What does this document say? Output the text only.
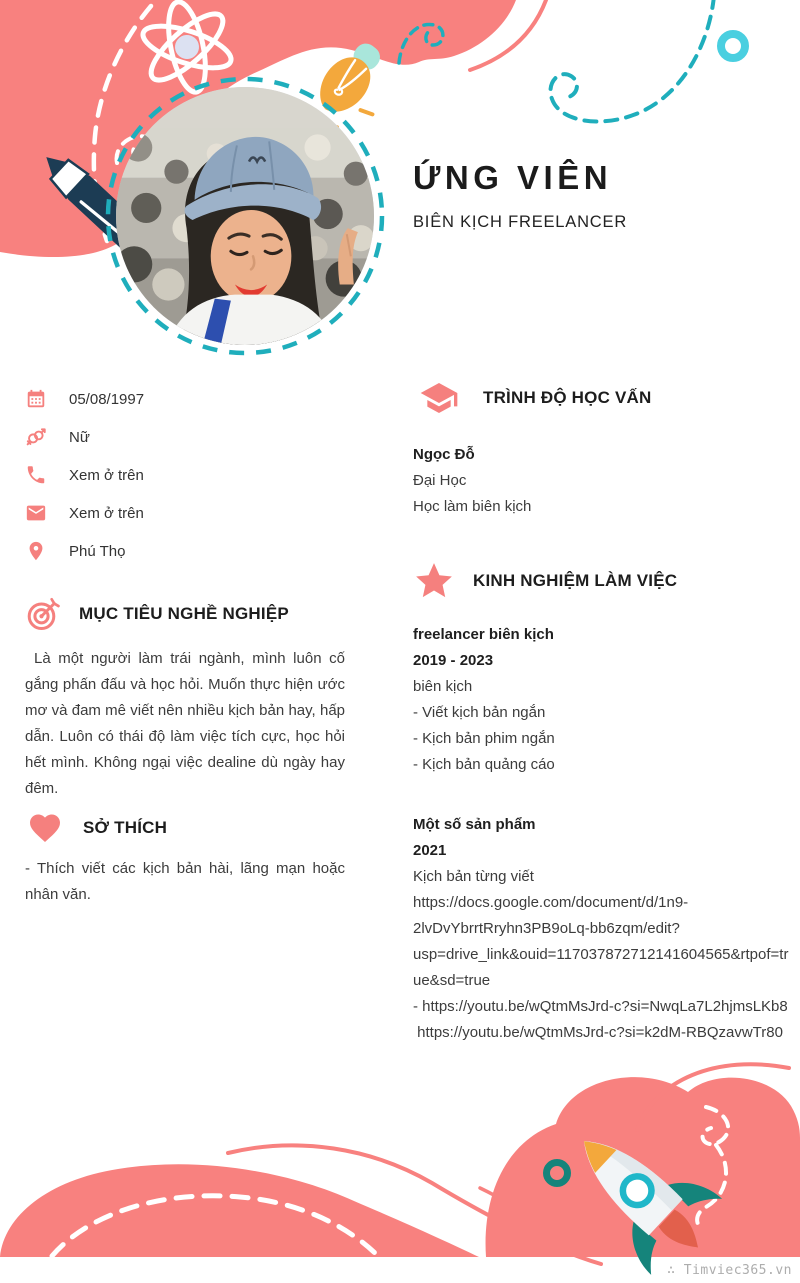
ỨNG VIÊN
BIÊN KỊCH FREELANCER
05/08/1997
Nữ
Xem ở trên
Xem ở trên
Phú Thọ
MỤC TIÊU NGHỀ NGHIỆP
Là một người làm trái ngành, mình luôn cố gắng phấn đấu và học hỏi. Muốn thực hiện ước mơ và đam mê viết nên nhiều kịch bản hay, hấp dẫn. Luôn có thái độ làm việc tích cực, học hỏi hết mình. Không ngại việc dealine dù ngày hay đêm.
SỞ THÍCH
- Thích viết các kịch bản hài, lãng mạn hoặc nhân văn.
TRÌNH ĐỘ HỌC VẤN
Ngọc Đỗ
Đại Học
Học làm biên kịch
KINH NGHIỆM LÀM VIỆC
freelancer biên kịch
2019 - 2023
biên kịch
- Viết kịch bản ngắn
- Kịch bản phim ngắn
- Kịch bản quảng cáo
Một số sản phẩm
2021
Kịch bản từng viết
https://docs.google.com/document/d/1n9-
2lvDvYbrrtRryhn3PB9oLq-bb6zqm/edit?
usp=drive_link&ouid=117037872712141604565&rtpof=tr
ue&sd=true
- https://youtu.be/wQtmMsJrd-c?si=NwqLa7L2hjmsLKb8
https://youtu.be/wQtmMsJrd-c?si=k2dM-RBQzavwTr80
∴ Timviec365.vn
